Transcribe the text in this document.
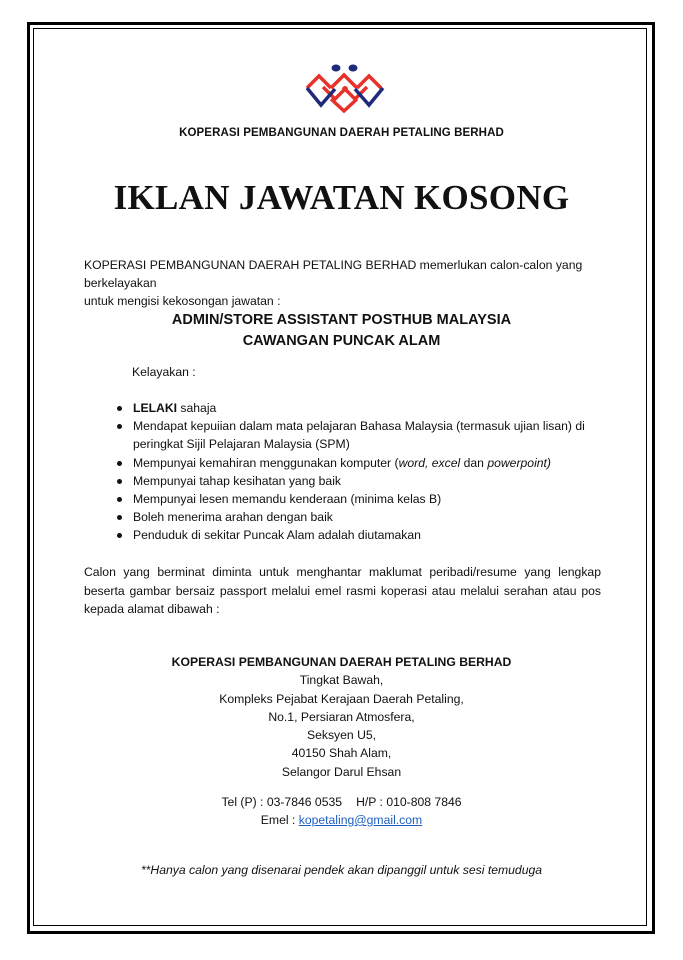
KOPERASI PEMBANGUNAN DAERAH PETALING BERHAD
IKLAN JAWATAN KOSONG
KOPERASI PEMBANGUNAN DAERAH PETALING BERHAD memerlukan calon-calon yang berkelayakan
untuk mengisi kekosongan jawatan :
ADMIN/STORE ASSISTANT POSTHUB MALAYSIA
CAWANGAN PUNCAK ALAM
Kelayakan :
LELAKI sahaja
Mendapat kepuiian dalam mata pelajaran Bahasa Malaysia (termasuk ujian lisan) di peringkat Sijil Pelajaran Malaysia (SPM)
Mempunyai kemahiran menggunakan komputer (word, excel dan powerpoint)
Mempunyai tahap kesihatan yang baik
Mempunyai lesen memandu kenderaan (minima kelas B)
Boleh menerima arahan dengan baik
Penduduk di sekitar Puncak Alam adalah diutamakan
Calon yang berminat diminta untuk menghantar maklumat peribadi/resume yang lengkap beserta gambar bersaiz passport melalui emel rasmi koperasi atau melalui serahan atau pos kepada alamat dibawah :
KOPERASI PEMBANGUNAN DAERAH PETALING BERHAD
Tingkat Bawah,
Kompleks Pejabat Kerajaan Daerah Petaling,
No.1, Persiaran Atmosfera,
Seksyen U5,
40150 Shah Alam,
Selangor Darul Ehsan
Tel (P) : 03-7846 0535 H/P : 010-808 7846
Emel : kopetaling@gmail.com
**Hanya calon yang disenarai pendek akan dipanggil untuk sesi temuduga
